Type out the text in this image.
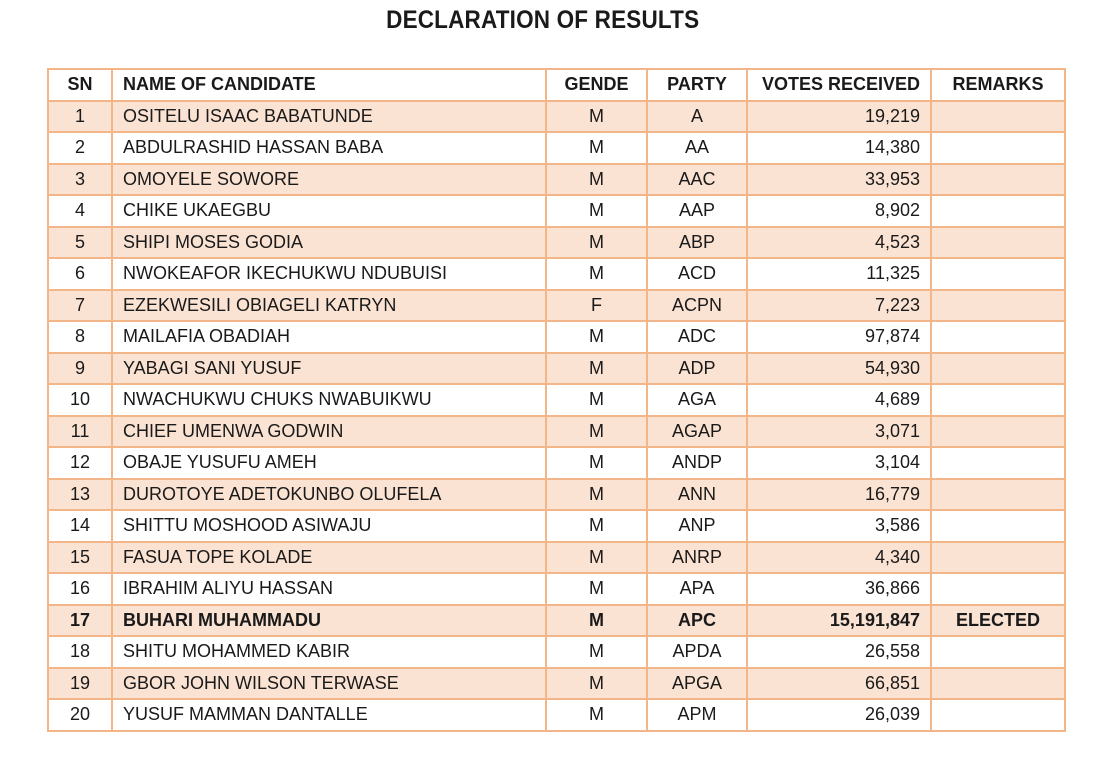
DECLARATION OF RESULTS
SN	NAME OF CANDIDATE	GENDE	PARTY	VOTES RECEIVED	REMARKS
1	OSITELU ISAAC BABATUNDE	M	A	19,219	
2	ABDULRASHID HASSAN BABA	M	AA	14,380	
3	OMOYELE SOWORE	M	AAC	33,953	
4	CHIKE UKAEGBU	M	AAP	8,902	
5	SHIPI MOSES GODIA	M	ABP	4,523	
6	NWOKEAFOR IKECHUKWU NDUBUISI	M	ACD	11,325	
7	EZEKWESILI OBIAGELI KATRYN	F	ACPN	7,223	
8	MAILAFIA OBADIAH	M	ADC	97,874	
9	YABAGI SANI YUSUF	M	ADP	54,930	
10	NWACHUKWU CHUKS NWABUIKWU	M	AGA	4,689	
11	CHIEF UMENWA GODWIN	M	AGAP	3,071	
12	OBAJE YUSUFU AMEH	M	ANDP	3,104	
13	DUROTOYE ADETOKUNBO OLUFELA	M	ANN	16,779	
14	SHITTU MOSHOOD ASIWAJU	M	ANP	3,586	
15	FASUA TOPE KOLADE	M	ANRP	4,340	
16	IBRAHIM ALIYU HASSAN	M	APA	36,866	
17	BUHARI MUHAMMADU	M	APC	15,191,847	ELECTED
18	SHITU MOHAMMED KABIR	M	APDA	26,558	
19	GBOR JOHN WILSON TERWASE	M	APGA	66,851	
20	YUSUF MAMMAN DANTALLE	M	APM	26,039	
